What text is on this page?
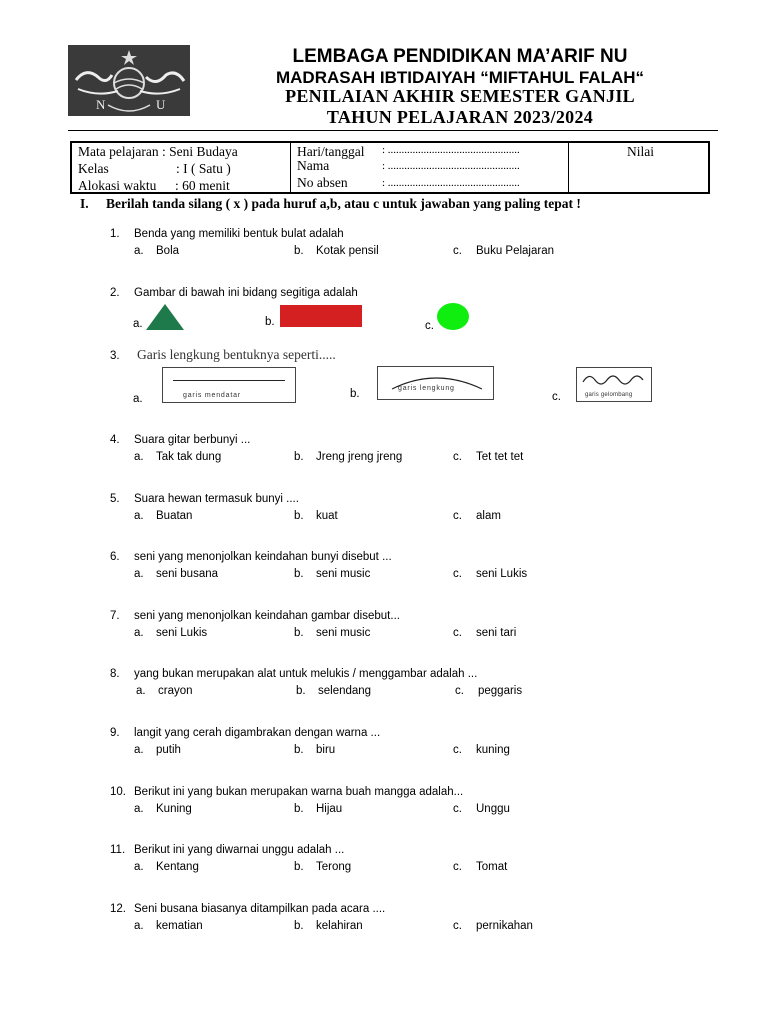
N	U
LEMBAGA PENDIDIKAN MA’ARIF NU
MADRASAH IBTIDAIYAH “MIFTAHUL FALAH“
PENILAIAN AKHIR SEMESTER GANJIL
TAHUN PELAJARAN 2023/2024
Mata pelajaran : Seni Budaya
Kelas	: I ( Satu )
Alokasi waktu : 60 menit
Hari/tanggal : ................................................
Nama	: ................................................
No absen	: ................................................
Nilai
I. Berilah tanda silang ( x ) pada huruf a,b, atau c untuk jawaban yang paling tepat !
1. Benda yang memiliki bentuk bulat adalah
a. Bola	b. Kotak pensil	c. Buku Pelajaran
2. Gambar di bawah ini bidang segitiga adalah
a.	b.	c.
3. Garis lengkung bentuknya seperti.....
a.	garis mendatar	b.	garis lengkung
c.	garis gelombang
4. Suara gitar berbunyi ...
a. Tak tak dung	b. Jreng jreng jreng	c. Tet tet tet
5. Suara hewan termasuk bunyi ....
a. Buatan	b. kuat	c. alam
6. seni yang menonjolkan keindahan bunyi disebut ...
a. seni busana	b. seni music	c. seni Lukis
7. seni yang menonjolkan keindahan gambar disebut...
a. seni Lukis	b. seni music	c. seni tari
8. yang bukan merupakan alat untuk melukis / menggambar adalah ...
a. crayon	b. selendang	c. peggaris
9. langit yang cerah digambrakan dengan warna ...
a. putih	b. biru	c. kuning
10. Berikut ini yang bukan merupakan warna buah mangga adalah...
a. Kuning	b. Hijau	c. Unggu
11. Berikut ini yang diwarnai unggu adalah ...
a. Kentang	b. Terong	c. Tomat
12. Seni busana biasanya ditampilkan pada acara ....
a. kematian	b. kelahiran	c. pernikahan
